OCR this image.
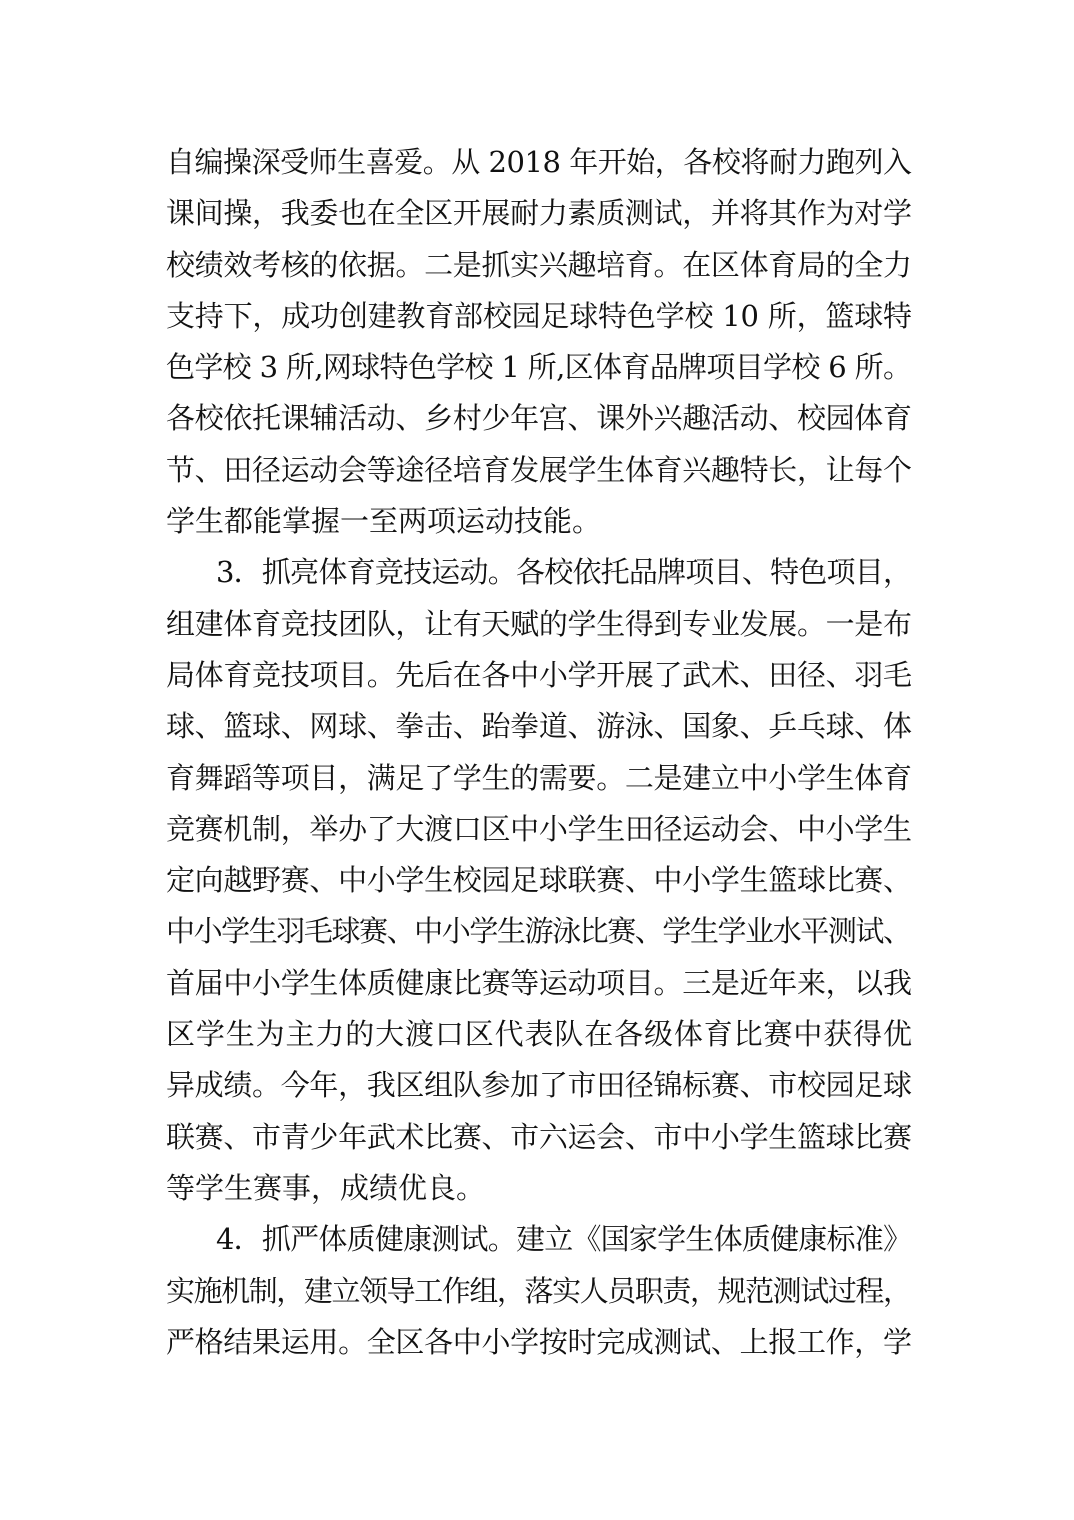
自编操深受师生喜爱。从 2018 年开始，各校将耐力跑列入
课间操，我委也在全区开展耐力素质测试，并将其作为对学
校绩效考核的依据。二是抓实兴趣培育。在区体育局的全力
支持下，成功创建教育部校园足球特色学校 10 所，篮球特
色学校 3 所,网球特色学校 1 所,区体育品牌项目学校 6 所。
各校依托课辅活动、乡村少年宫、课外兴趣活动、校园体育
节、田径运动会等途径培育发展学生体育兴趣特长，让每个
学生都能掌握一至两项运动技能。
3．抓亮体育竞技运动。各校依托品牌项目、特色项目，
组建体育竞技团队，让有天赋的学生得到专业发展。一是布
局体育竞技项目。先后在各中小学开展了武术、田径、羽毛
球、篮球、网球、拳击、跆拳道、游泳、国象、乒乓球、体
育舞蹈等项目，满足了学生的需要。二是建立中小学生体育
竞赛机制，举办了大渡口区中小学生田径运动会、中小学生
定向越野赛、中小学生校园足球联赛、中小学生篮球比赛、
中小学生羽毛球赛、中小学生游泳比赛、学生学业水平测试、
首届中小学生体质健康比赛等运动项目。三是近年来，以我
区学生为主力的大渡口区代表队在各级体育比赛中获得优
异成绩。今年，我区组队参加了市田径锦标赛、市校园足球
联赛、市青少年武术比赛、市六运会、市中小学生篮球比赛
等学生赛事，成绩优良。
4．抓严体质健康测试。建立《国家学生体质健康标准》
实施机制，建立领导工作组，落实人员职责，规范测试过程，
严格结果运用。全区各中小学按时完成测试、上报工作，学
